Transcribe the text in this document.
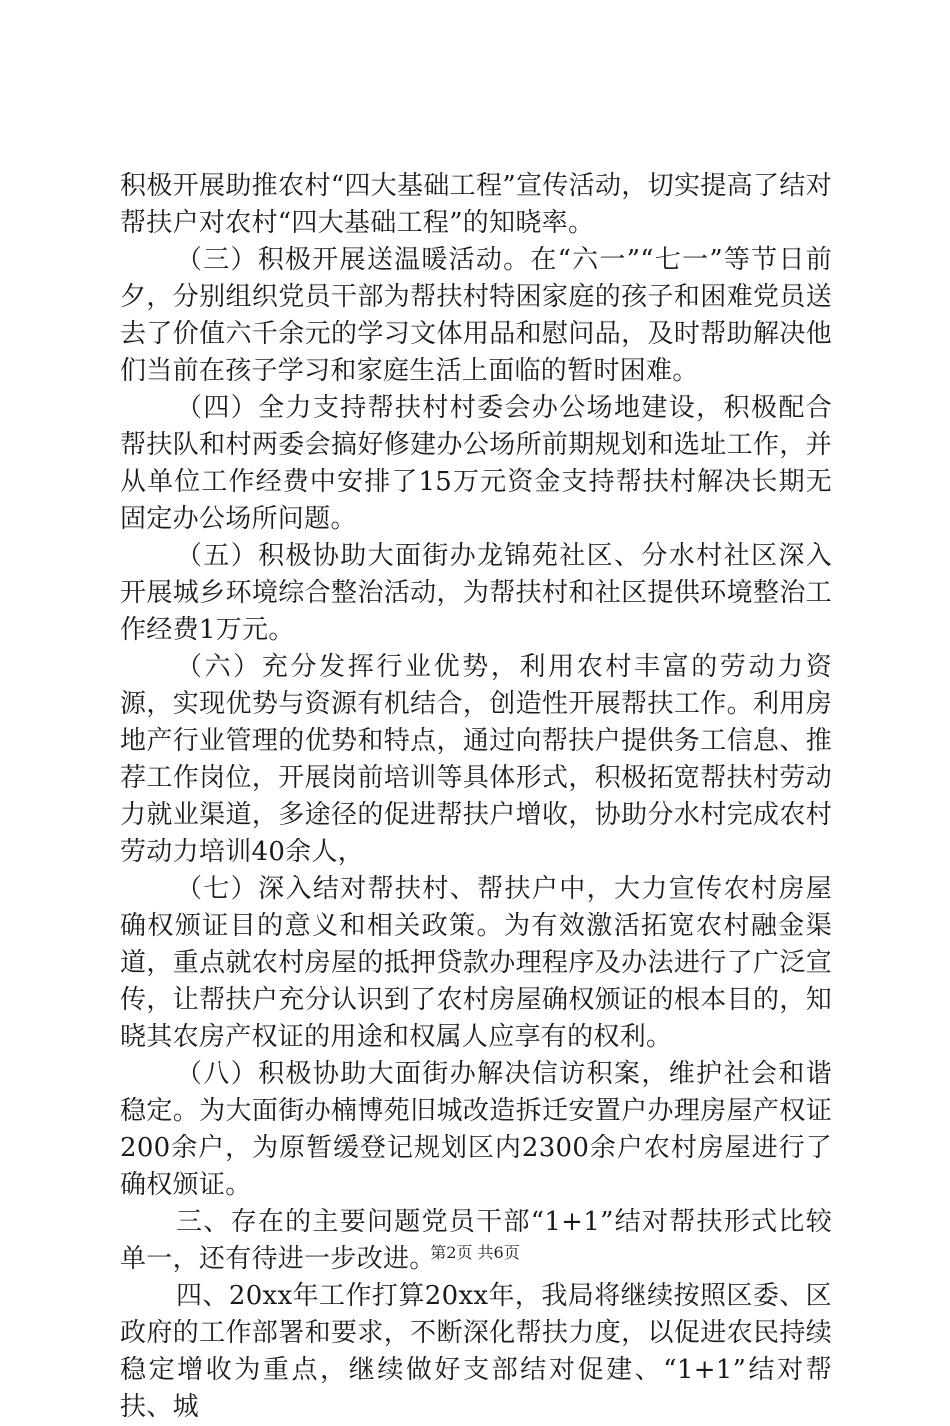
积极开展助推农村“四大基础工程”宣传活动，切实提高了结对帮扶户对农村“四大基础工程”的知晓率。

（三）积极开展送温暖活动。在“六一”“七一”等节日前夕，分别组织党员干部为帮扶村特困家庭的孩子和困难党员送去了价值六千余元的学习文体用品和慰问品，及时帮助解决他们当前在孩子学习和家庭生活上面临的暂时困难。

（四）全力支持帮扶村村委会办公场地建设，积极配合帮扶队和村两委会搞好修建办公场所前期规划和选址工作，并从单位工作经费中安排了15万元资金支持帮扶村解决长期无固定办公场所问题。

（五）积极协助大面街办龙锦苑社区、分水村社区深入开展城乡环境综合整治活动，为帮扶村和社区提供环境整治工作经费1万元。

（六）充分发挥行业优势，利用农村丰富的劳动力资源，实现优势与资源有机结合，创造性开展帮扶工作。利用房地产行业管理的优势和特点，通过向帮扶户提供务工信息、推荐工作岗位，开展岗前培训等具体形式，积极拓宽帮扶村劳动力就业渠道，多途径的促进帮扶户增收，协助分水村完成农村劳动力培训40余人，

（七）深入结对帮扶村、帮扶户中，大力宣传农村房屋确权颁证目的意义和相关政策。为有效激活拓宽农村融金渠道，重点就农村房屋的抵押贷款办理程序及办法进行了广泛宣传，让帮扶户充分认识到了农村房屋确权颁证的根本目的，知晓其农房产权证的用途和权属人应享有的权利。

（八）积极协助大面街办解决信访积案，维护社会和谐稳定。为大面街办楠博苑旧城改造拆迁安置户办理房屋产权证200余户，为原暂缓登记规划区内2300余户农村房屋进行了确权颁证。

三、存在的主要问题党员干部“1+1”结对帮扶形式比较单一，还有待进一步改进。

四、20xx年工作打算20xx年，我局将继续按照区委、区政府的工作部署和要求，不断深化帮扶力度，以促进农民持续稳定增收为重点，继续做好支部结对促建、“1+1”结对帮扶、城

第2页 共6页
